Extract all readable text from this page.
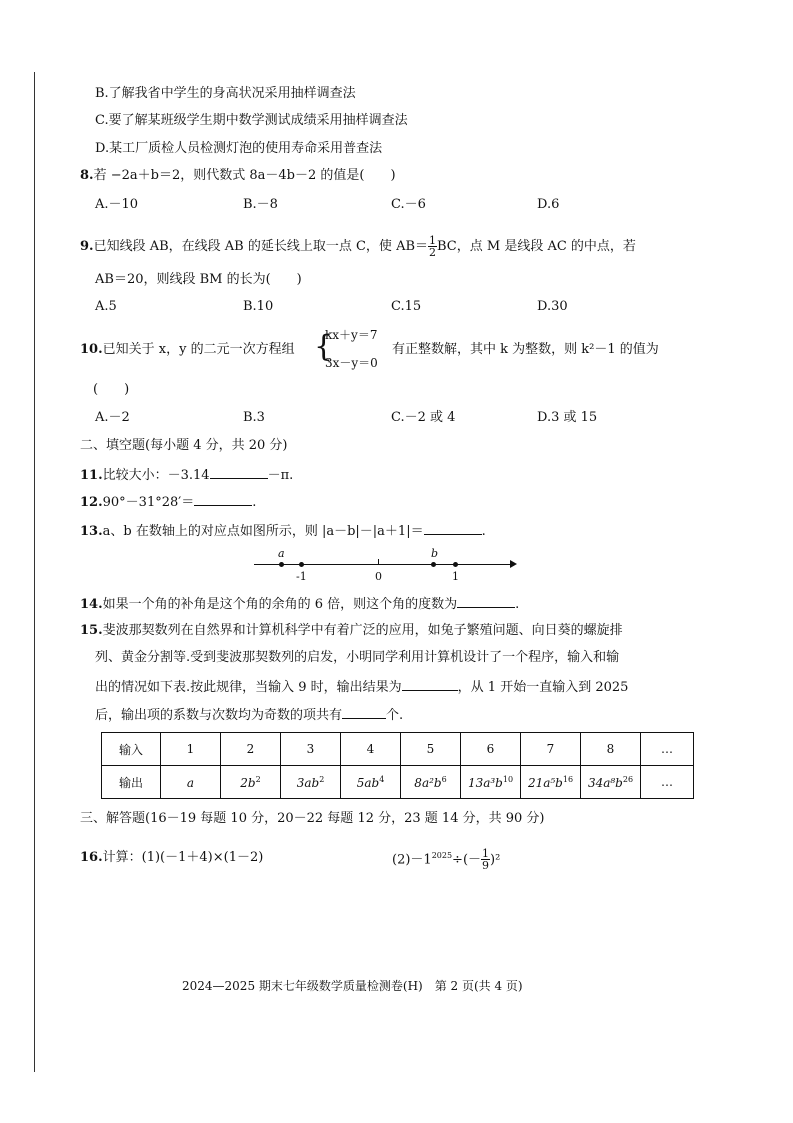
B.了解我省中学生的身高状况采用抽样调查法
C.要了解某班级学生期中数学测试成绩采用抽样调查法
D.某工厂质检人员检测灯泡的使用寿命采用普查法
8.若 −2a＋b＝2，则代数式 8a－4b－2 的值是(　　)
A.－10	B.－8	C.－6	D.6
9.已知线段 AB，在线段 AB 的延长线上取一点 C，使 $AB= \frac{1}{2}$ BC，点 M 是线段 AC 的中点，若
AB＝20，则线段 BM 的长为(　　)
A.5	B.10	C.15	D.30
10.已知关于 x，y 的二元一次方程组 {
kx＋y＝7
3x－y＝0
有正整数解，其中 k 为整数，则 k²－1 的值为
(　　)
A.－2	B.3	C.－2 或 4	D.3 或 15
二、填空题(每小题 4 分，共 20 分)
11.比较大小：－3.14	－π.
12.90°－31°28′＝	.
13.a、b 在数轴上的对应点如图所示，则 |a－b|－|a＋1|＝	.
a	b
-1	0	1
14.如果一个角的补角是这个角的余角的 6 倍，则这个角的度数为	.
15.斐波那契数列在自然界和计算机科学中有着广泛的应用，如兔子繁殖问题、向日葵的螺旋排
列、黄金分割等.受到斐波那契数列的启发，小明同学利用计算机设计了一个程序，输入和输
出的情况如下表.按此规律，当输入 9 时，输出结果为	，从 1 开始一直输入到 2025
后，输出项的系数与次数均为奇数的项共有	个.
输入	1	2	3	4	5	6	7	8	…
输出	a	$2b^2$	$3ab^2$	$5ab^4$	$8a^2b^6$	$13a^3b^{10}$	$21a^5b^{16}$	$34a^8b^{26}$	…
三、解答题(16－19 每题 10 分，20－22 每题 12 分，23 题 14 分，共 90 分)
16.计算：(1)(－1＋4)×(1－2)	$(2)-1^{2025}\div(- \frac{1}{9} )^2$
2024—2025 期末七年级数学质量检测卷(H)　第 2 页(共 4 页)
